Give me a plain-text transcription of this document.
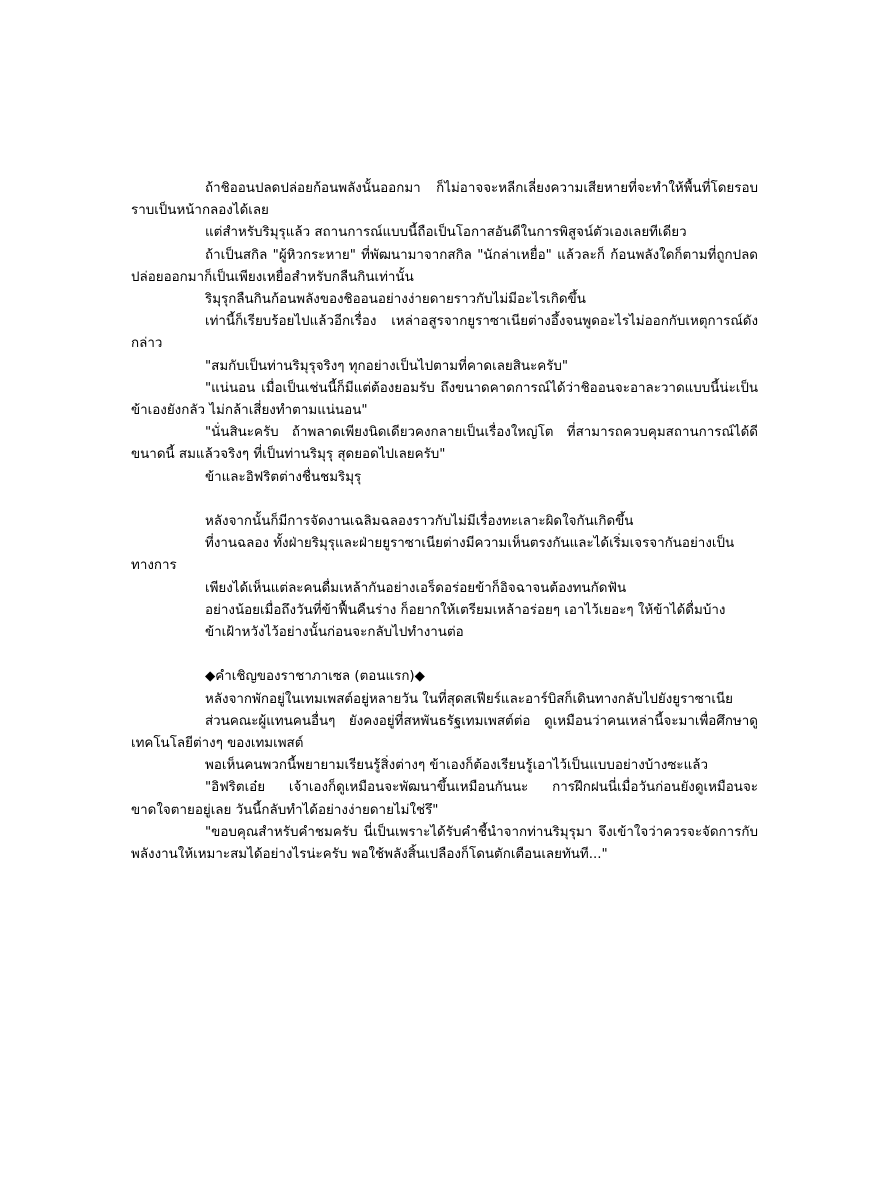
ถ้าชิออนปลดปล่อยก้อนพลังนั้นออกมา ก็ไม่อาจจะหลีกเลี่ยงความเสียหายที่จะทำให้พื้นที่โดยรอบราบเป็นหน้ากลองได้เลย

แต่สำหรับริมุรุแล้ว สถานการณ์แบบนี้ถือเป็นโอกาสอันดีในการพิสูจน์ตัวเองเลยทีเดียว

ถ้าเป็นสกิล "ผู้หิวกระหาย" ที่พัฒนามาจากสกิล "นักล่าเหยื่อ" แล้วละก็ ก้อนพลังใดก็ตามที่ถูกปลดปล่อยออกมาก็เป็นเพียงเหยื่อสำหรับกลืนกินเท่านั้น

ริมุรุกลืนกินก้อนพลังของชิออนอย่างง่ายดายราวกับไม่มีอะไรเกิดขึ้น

เท่านี้ก็เรียบร้อยไปแล้วอีกเรื่อง เหล่าอสูรจากยูราซาเนียต่างอึ้งจนพูดอะไรไม่ออกกับเหตุการณ์ดังกล่าว

"สมกับเป็นท่านริมุรุจริงๆ ทุกอย่างเป็นไปตามที่คาดเลยสินะครับ"

"แน่นอน เมื่อเป็นเช่นนี้ก็มีแต่ต้องยอมรับ ถึงขนาดคาดการณ์ได้ว่าชิออนจะอาละวาดแบบนี้น่ะเป็นข้าเองยังกลัว ไม่กล้าเสี่ยงทำตามแน่นอน"

"นั่นสินะครับ ถ้าพลาดเพียงนิดเดียวคงกลายเป็นเรื่องใหญ่โต ที่สามารถควบคุมสถานการณ์ได้ดีขนาดนี้ สมแล้วจริงๆ ที่เป็นท่านริมุรุ สุดยอดไปเลยครับ"

ข้าและอิฟริตต่างชื่นชมริมุรุ

หลังจากนั้นก็มีการจัดงานเฉลิมฉลองราวกับไม่มีเรื่องทะเลาะผิดใจกันเกิดขึ้น

ที่งานฉลอง ทั้งฝ่ายริมุรุและฝ่ายยูราซาเนียต่างมีความเห็นตรงกันและได้เริ่มเจรจากันอย่างเป็น

ทางการ

เพียงได้เห็นแต่ละคนดื่มเหล้ากันอย่างเอร็ดอร่อยข้าก็อิจฉาจนต้องทนกัดฟัน

อย่างน้อยเมื่อถึงวันที่ข้าฟื้นคืนร่าง ก็อยากให้เตรียมเหล้าอร่อยๆ เอาไว้เยอะๆ ให้ข้าได้ดื่มบ้าง

ข้าเฝ้าหวังไว้อย่างนั้นก่อนจะกลับไปทำงานต่อ

◆คำเชิญของราชาภาเซล (ตอนแรก)◆

หลังจากพักอยู่ในเทมเพสต์อยู่หลายวัน ในที่สุดสเฟียร์และอาร์บิสก็เดินทางกลับไปยังยูราซาเนีย

ส่วนคณะผู้แทนคนอื่นๆ ยังคงอยู่ที่สหพันธรัฐเทมเพสต์ต่อ ดูเหมือนว่าคนเหล่านี้จะมาเพื่อศึกษาดูเทคโนโลยีต่างๆ ของเทมเพสต์

พอเห็นคนพวกนี้พยายามเรียนรู้สิ่งต่างๆ ข้าเองก็ต้องเรียนรู้เอาไว้เป็นแบบอย่างบ้างซะแล้ว

"อิฟริตเอ๋ย เจ้าเองก็ดูเหมือนจะพัฒนาขึ้นเหมือนกันนะ การฝึกฝนนี่เมื่อวันก่อนยังดูเหมือนจะขาดใจตายอยู่เลย วันนี้กลับทำได้อย่างง่ายดายไม่ใช่รึ"

"ขอบคุณสำหรับคำชมครับ นี่เป็นเพราะได้รับคำชี้นำจากท่านริมุรุมา จึงเข้าใจว่าควรจะจัดการกับพลังงานให้เหมาะสมได้อย่างไรน่ะครับ พอใช้พลังสิ้นเปลืองก็โดนตักเตือนเลยทันที..."
